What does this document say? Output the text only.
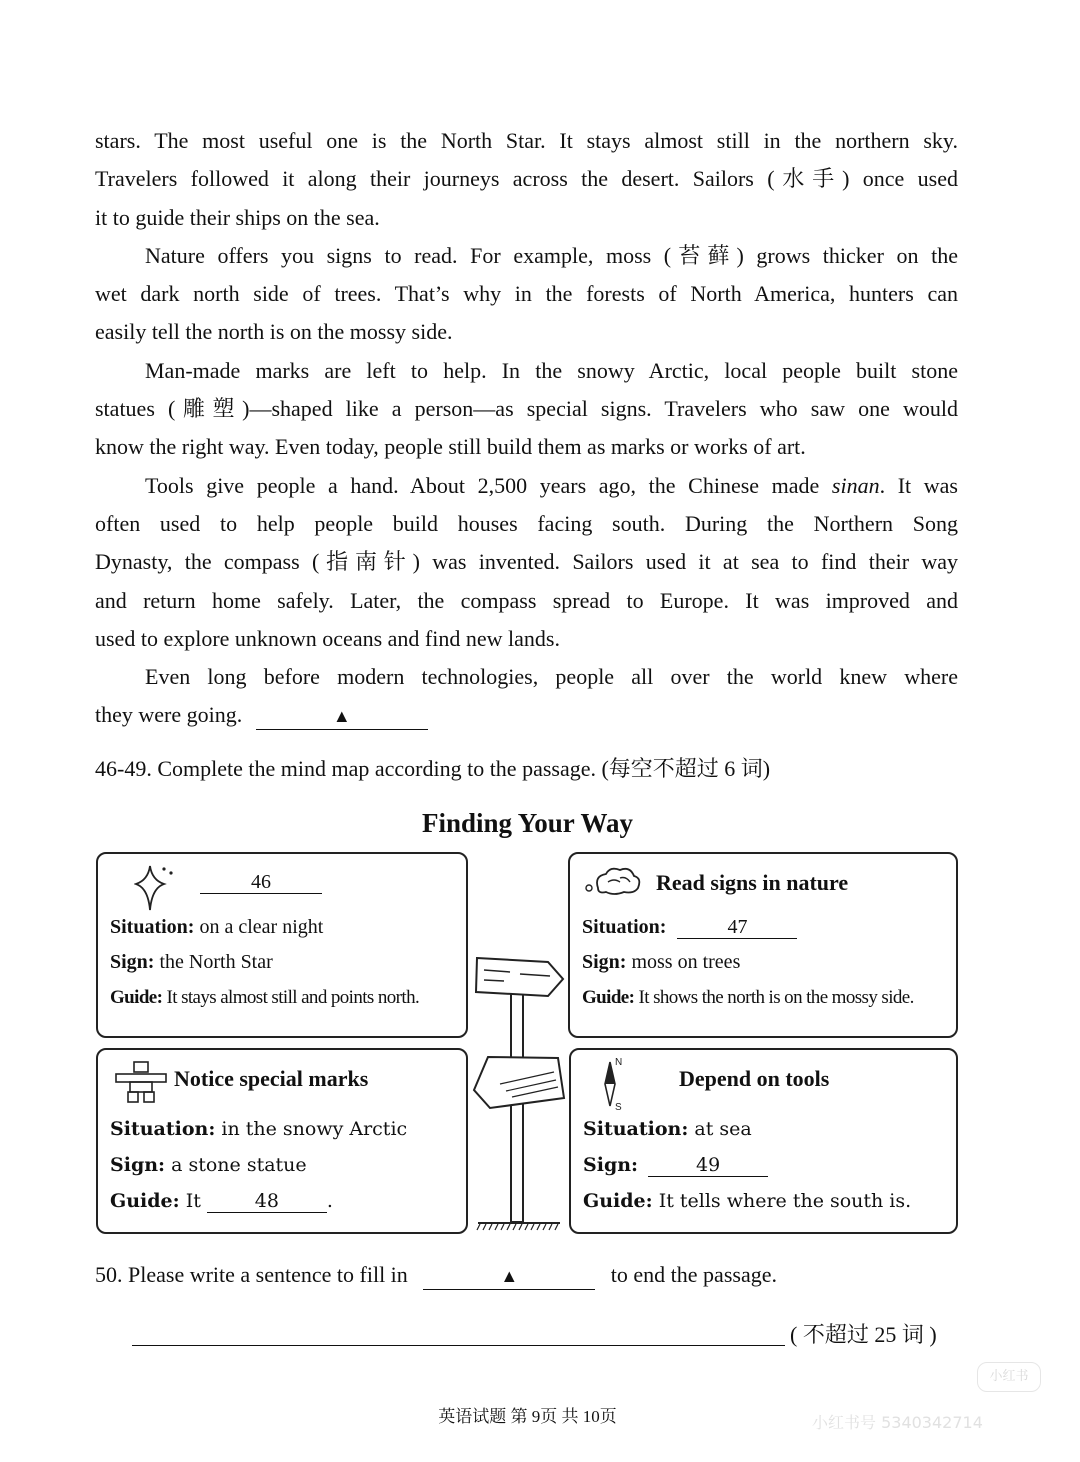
stars. The most useful one is the North Star. It stays almost still in the northern sky.
Travelers followed it along their journeys across the desert. Sailors (水手) once used
it to guide their ships on the sea.
Nature offers you signs to read. For example, moss (苔藓) grows thicker on the
wet dark north side of trees. That’s why in the forests of North America, hunters can
easily tell the north is on the mossy side.
Man-made marks are left to help. In the snowy Arctic, local people built stone
statues (雕塑)—shaped like a person—as special signs. Travelers who saw one would
know the right way. Even today, people still build them as marks or works of art.
Tools give people a hand. About 2,500 years ago, the Chinese made sinan. It was
often used to help people build houses facing south. During the Northern Song
Dynasty, the compass (指南针) was invented. Sailors used it at sea to find their way
and return home safely. Later, the compass spread to Europe. It was improved and
used to explore unknown oceans and find new lands.
Even long before modern technologies, people all over the world knew where
they were going.	▲
46-49. Complete the mind map according to the passage. (每空不超过 6 词)
Finding Your Way
46
Situation: on a clear night
Sign: the North Star
Guide: It stays almost still and points north.
Read signs in nature
Situation:	47
Sign: moss on trees
Guide: It shows the north is on the mossy side.
Notice special marks
Situation: in the snowy Arctic
Sign: a stone statue
Guide: It	48	.
N
S
Depend on tools
Situation: at sea
Sign:	49
Guide: It tells where the south is.
50. Please write a sentence to fill in	▲	to end the passage.
( 不超过 25 词 )
英语试题 第 9页 共 10页
小红书
小红书号 5340342714
